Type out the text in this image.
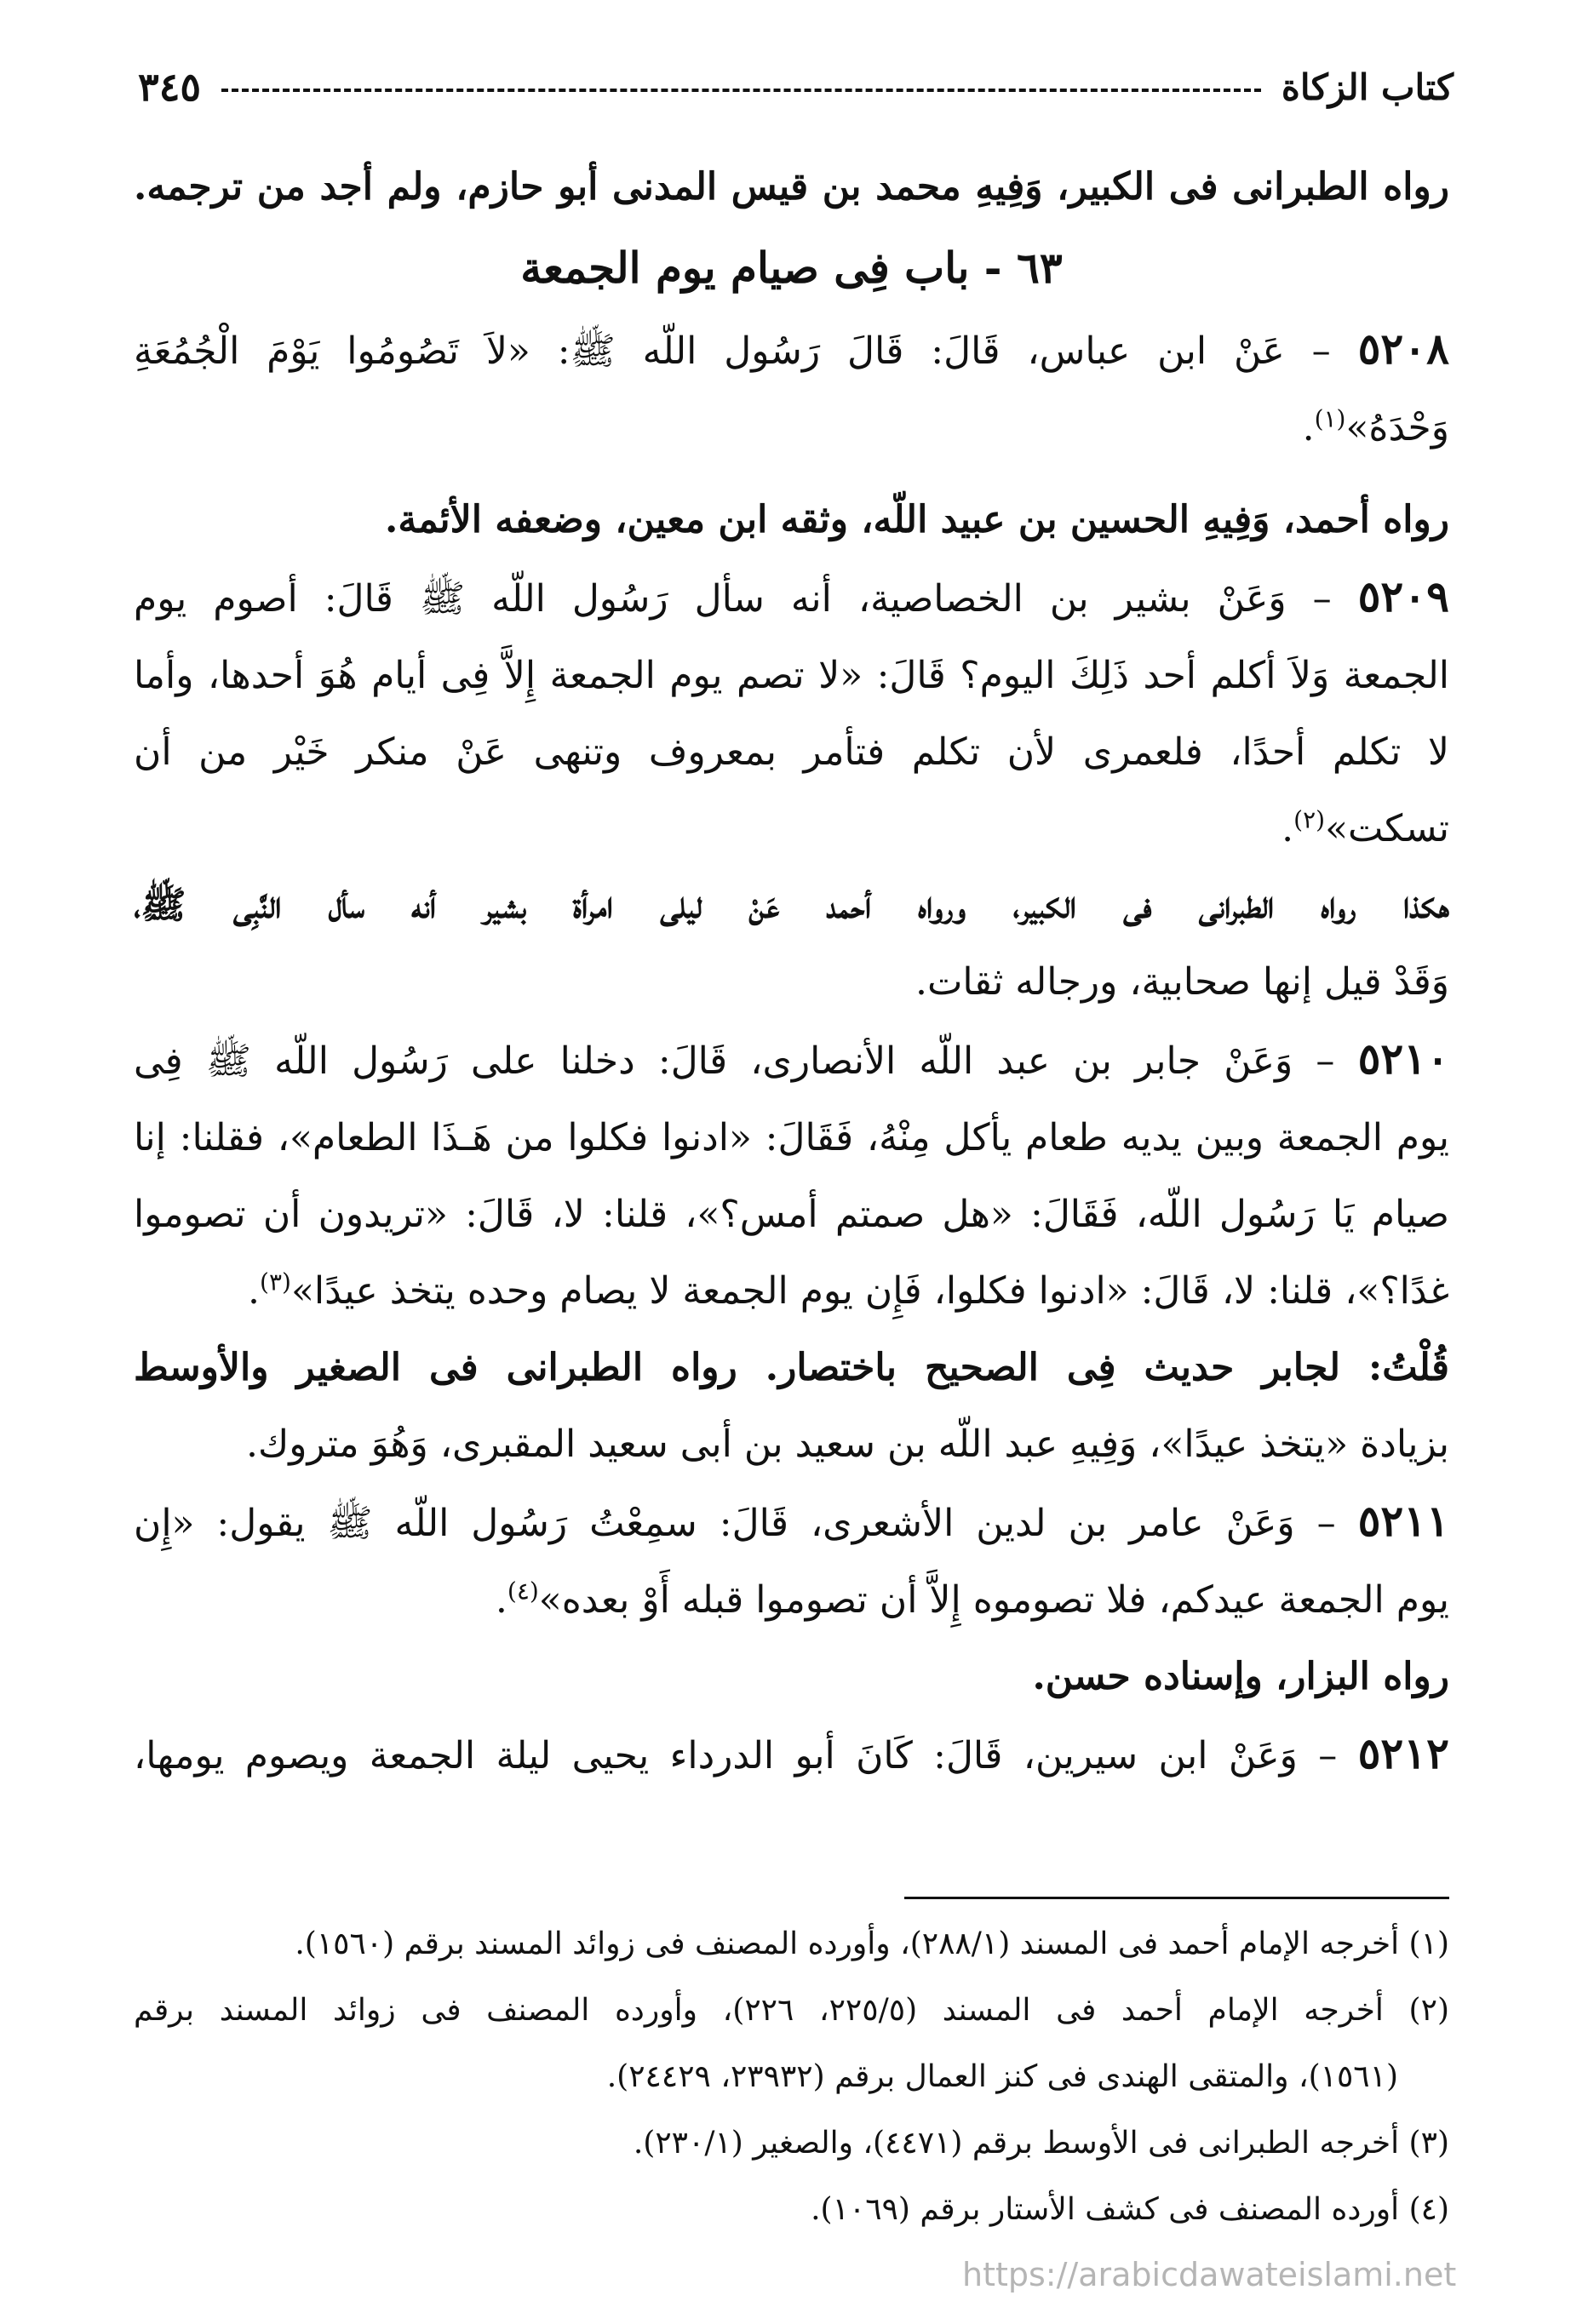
كتاب الزكاة
٣٤٥
رواه الطبرانى فى الكبير، وَفِيهِ محمد بن قيس المدنى أبو حازم، ولم أجد من ترجمه.
٦٣ - باب فِى صيام يوم الجمعة
٥٢٠٨ – عَنْ ابن عباس، قَالَ: قَالَ رَسُول اللّه ﷺ: «لاَ تَصُومُوا يَوْمَ الْجُمُعَةِ
وَحْدَهُ»$^{(١)}$.
رواه أحمد، وَفِيهِ الحسين بن عبيد اللّه، وثقه ابن معين، وضعفه الأئمة.
٥٢٠٩ – وَعَنْ بشير بن الخصاصية، أنه سأل رَسُول اللّه ﷺ قَالَ: أصوم يوم
الجمعة وَلاَ أكلم أحد ذَلِكَ اليوم؟ قَالَ: «لا تصم يوم الجمعة إِلاَّ فِى أيام هُوَ أحدها، وأما
لا تكلم أحدًا، فلعمرى لأن تكلم فتأمر بمعروف وتنهى عَنْ منكر خَيْر من أن
تسكت»$^{(٢)}$.
هكذا رواه الطبرانى فى الكبير، ورواه أحمد عَنْ ليلى امرأة بشير أنه سأل النَّبِى ﷺ،
وَقَدْ قيل إنها صحابية، ورجاله ثقات.
٥٢١٠ – وَعَنْ جابر بن عبد اللّه الأنصارى، قَالَ: دخلنا على رَسُول اللّه ﷺ فِى
يوم الجمعة وبين يديه طعام يأكل مِنْهُ، فَقَالَ: «ادنوا فكلوا من هَـذَا الطعام»، فقلنا: إنا
صيام يَا رَسُول اللّه، فَقَالَ: «هل صمتم أمس؟»، قلنا: لا، قَالَ: «تريدون أن تصوموا
غدًا؟»، قلنا: لا، قَالَ: «ادنوا فكلوا، فَإِن يوم الجمعة لا يصام وحده يتخذ عيدًا»$^{(٣)}$.
قُلْتُ: لجابر حديث فِى الصحيح باختصار. رواه الطبرانى فى الصغير والأوسط
بزيادة «يتخذ عيدًا»، وَفِيهِ عبد اللّه بن سعيد بن أبى سعيد المقبرى، وَهُوَ متروك.
٥٢١١ – وَعَنْ عامر بن لدين الأشعرى، قَالَ: سمِعْتُ رَسُول اللّه ﷺ يقول: «إِن
يوم الجمعة عيدكم، فلا تصوموه إِلاَّ أن تصوموا قبله أَوْ بعده»$^{(٤)}$.
رواه البزار، وإسناده حسن.
٥٢١٢ – وَعَنْ ابن سيرين، قَالَ: كَانَ أبو الدرداء يحيى ليلة الجمعة ويصوم يومها،
(١) أخرجه الإمام أحمد فى المسند (٢٨٨/١)، وأورده المصنف فى زوائد المسند برقم (١٥٦٠).
(٢) أخرجه الإمام أحمد فى المسند (٢٢٥/٥، ٢٢٦)، وأورده المصنف فى زوائد المسند برقم
(١٥٦١)، والمتقى الهندى فى كنز العمال برقم (٢٣٩٣٢، ٢٤٤٢٩).
(٣) أخرجه الطبرانى فى الأوسط برقم (٤٤٧١)، والصغير (٢٣٠/١).
(٤) أورده المصنف فى كشف الأستار برقم (١٠٦٩).
https://arabicdawateislami.net
